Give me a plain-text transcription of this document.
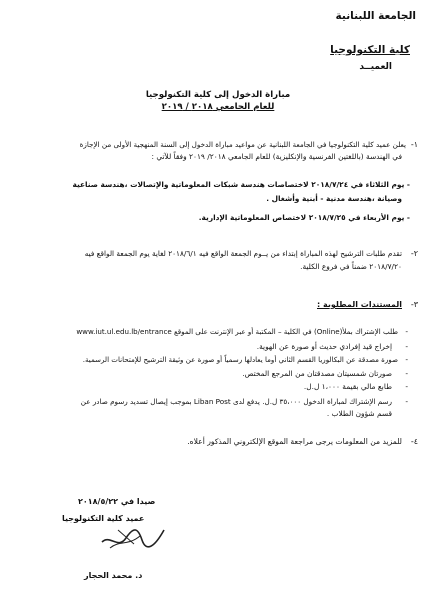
الجامعة اللبنانية
كلية التكنولوجيا
العميــد
مباراة الدخول إلى كلية التكنولوجيا
للعام الجامعي ٢٠١٨ / ٢٠١٩
١-
يعلن عميد كلية التكنولوجيا في الجامعة اللبنانية عن مواعيد مباراة الدخول إلى السنة المنهجية الأولى من الإجازة
في الهندسة (باللغتين الفرنسية والإنكليزية) للعام الجامعي ٢٠١٨/ ٢٠١٩ وفقاً للآتي :
- يوم الثلاثاء في ٢٠١٨/٧/٢٤ لاختصاصات هندسة شبكات المعلوماتية والإتصالات ،هندسة صناعية
وصيانة ،هندسة مدنية - أبنية وأشغال .
- يوم الأربعاء في ٢٠١٨/٧/٢٥ لاختصاص المعلوماتية الإدارية.
٢-
تقدم طلبات الترشيح لهذه المباراة إبتداء من يــوم الجمعة الواقع فيه ٢٠١٨/٦/١ لغاية يوم الجمعة الواقع فيه
٢٠١٨/٧/٢٠ ضمناً في فروع الكلية.
٣-
المستندات المطلوبة :
-
طلب الإشتراك بملأ(Online) في الكلية – المكتبة أو عبر الإنترنت على الموقع www.iut.ul.edu.lb/entrance
-
إخراج قيد إفرادي حديث أو صورة عن الهوية.
-
صورة مصدقة عن البكالوريا القسم الثاني أوما يعادلها رسمياً أو صورة عن وثيقة الترشيح للإمتحانات الرسمية.
-
صورتان شمسيتان مصدقتان من المرجع المختص.
-
طابع مالي بقيمة ١،٠٠٠ ل.ل.
-
رسم الإشتراك لمباراة الدخول ٣٥،٠٠٠ ل.ل. يدفع لدى Liban Post بموجب إيصال تسديد رسوم صادر عن
قسم شؤون الطلاب .
٤-
للمزيد من المعلومات يرجى مراجعة الموقع الإلكتروني المذكور أعلاه.
صيدا في ٢٠١٨/٥/٢٢
عميد كلية التكنولوجيا
د. محمد الحجار
